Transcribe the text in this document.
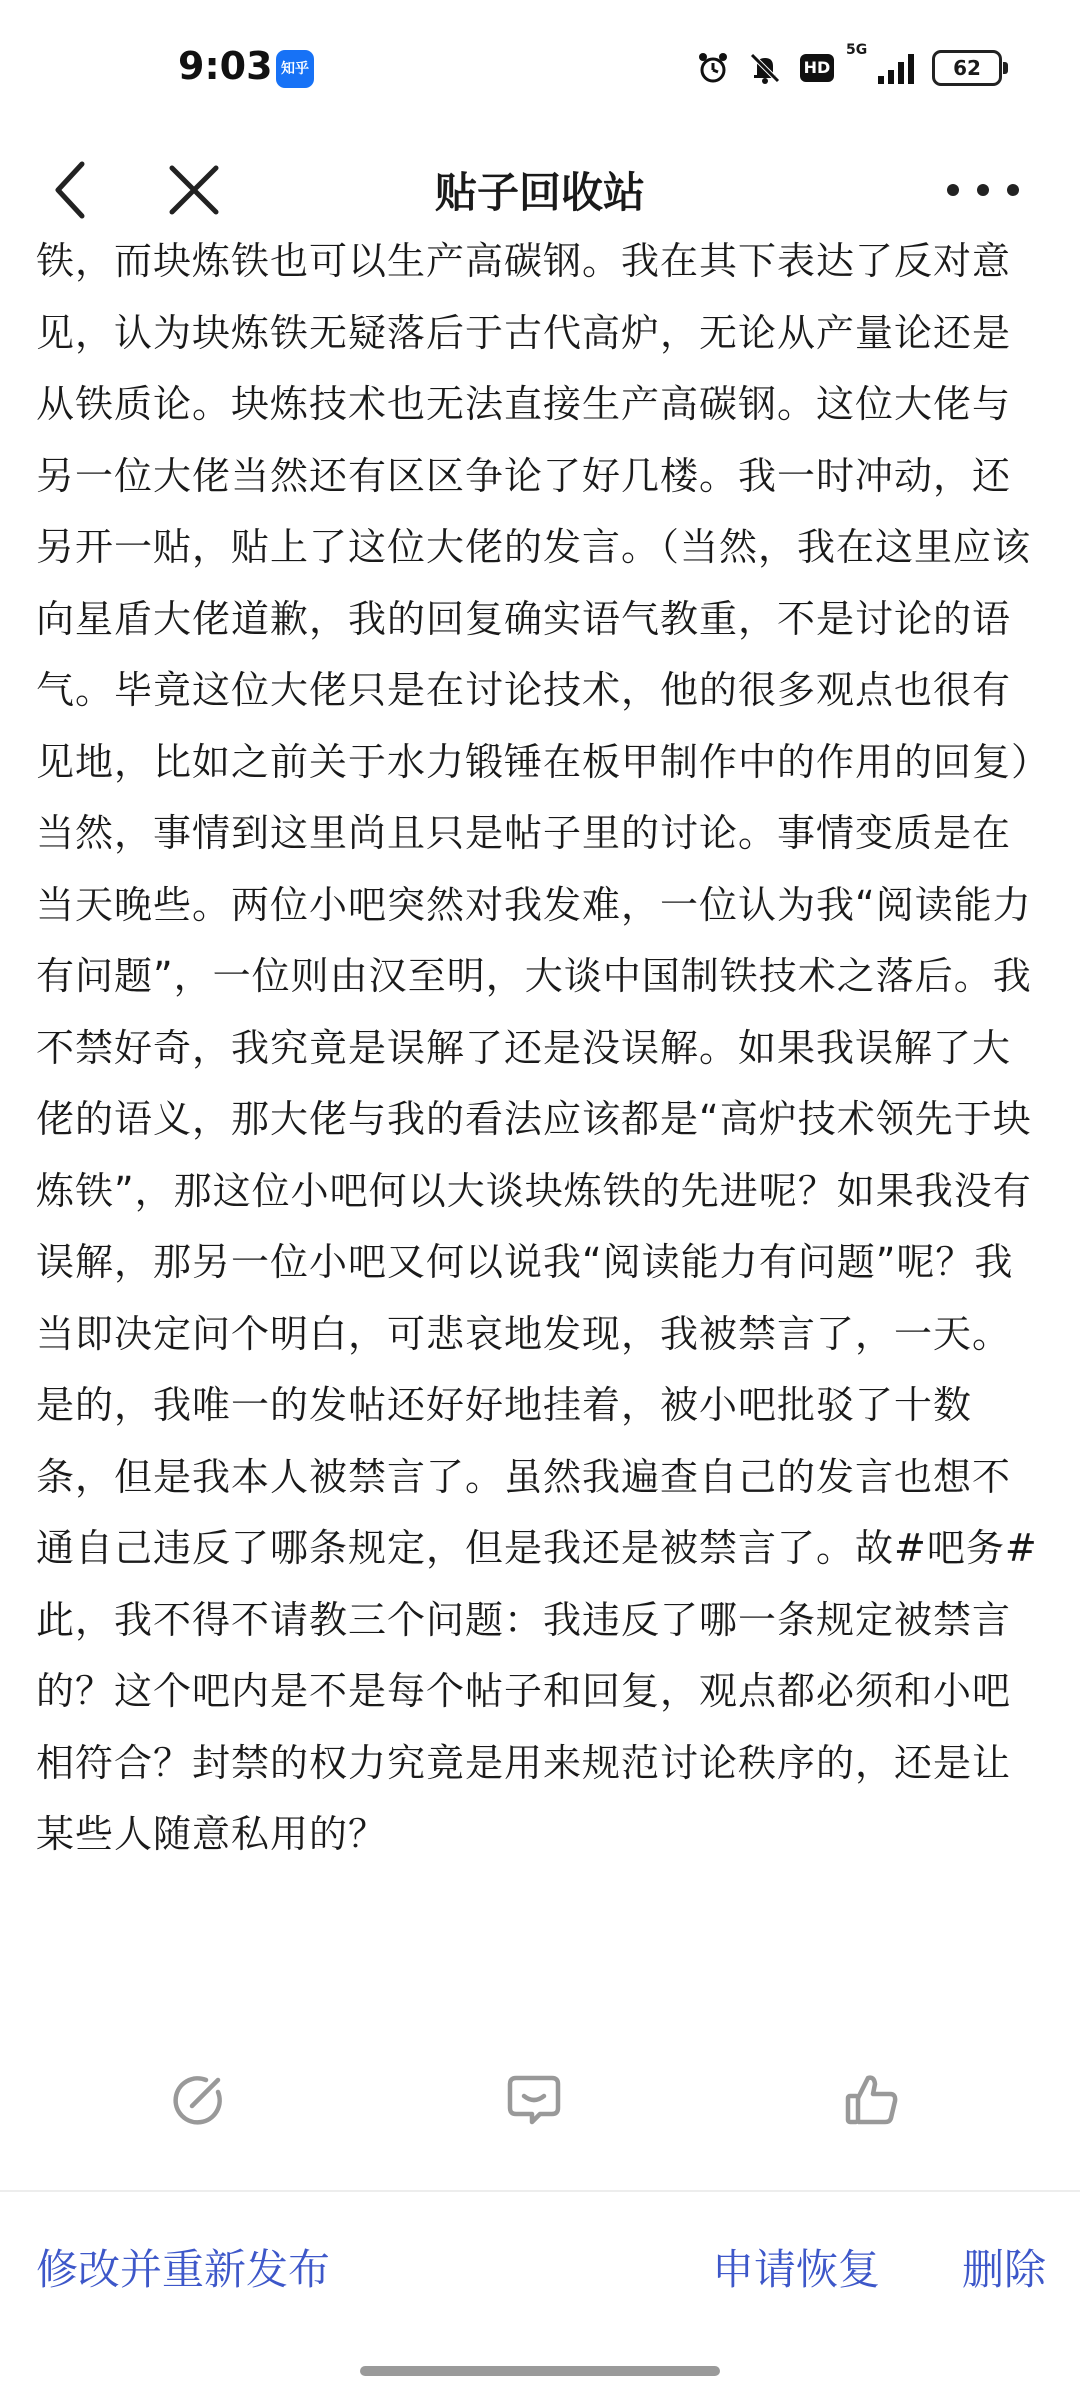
9:03 知乎	HD
5G
62
贴子回收站

铁，而块炼铁也可以生产高碳钢。我在其下表达了反对意见，认为块炼铁无疑落后于古代高炉，无论从产量论还是从铁质论。块炼技术也无法直接生产高碳钢。这位大佬与另一位大佬当然还有区区争论了好几楼。我一时冲动，还另开一贴，贴上了这位大佬的发言。（当然，我在这里应该向星盾大佬道歉，我的回复确实语气教重，不是讨论的语气。毕竟这位大佬只是在讨论技术，他的很多观点也很有见地，比如之前关于水力锻锤在板甲制作中的作用的回复）当然，事情到这里尚且只是帖子里的讨论。事情变质是在当天晚些。两位小吧突然对我发难，一位认为我“阅读能力有问题”，一位则由汉至明，大谈中国制铁技术之落后。我不禁好奇，我究竟是误解了还是没误解。如果我误解了大佬的语义，那大佬与我的看法应该都是“高炉技术领先于块炼铁”，那这位小吧何以大谈块炼铁的先进呢？如果我没有误解，那另一位小吧又何以说我“阅读能力有问题”呢？我当即决定问个明白，可悲哀地发现，我被禁言了，一天。是的，我唯一的发帖还好好地挂着，被小吧批驳了十数条，但是我本人被禁言了。虽然我遍查自己的发言也想不通自己违反了哪条规定，但是我还是被禁言了。故#吧务#此，我不得不请教三个问题：我违反了哪一条规定被禁言的？这个吧内是不是每个帖子和回复，观点都必须和小吧相符合？封禁的权力究竟是用来规范讨论秩序的，还是让某些人随意私用的？

修改并重新发布	申请恢复 删除
